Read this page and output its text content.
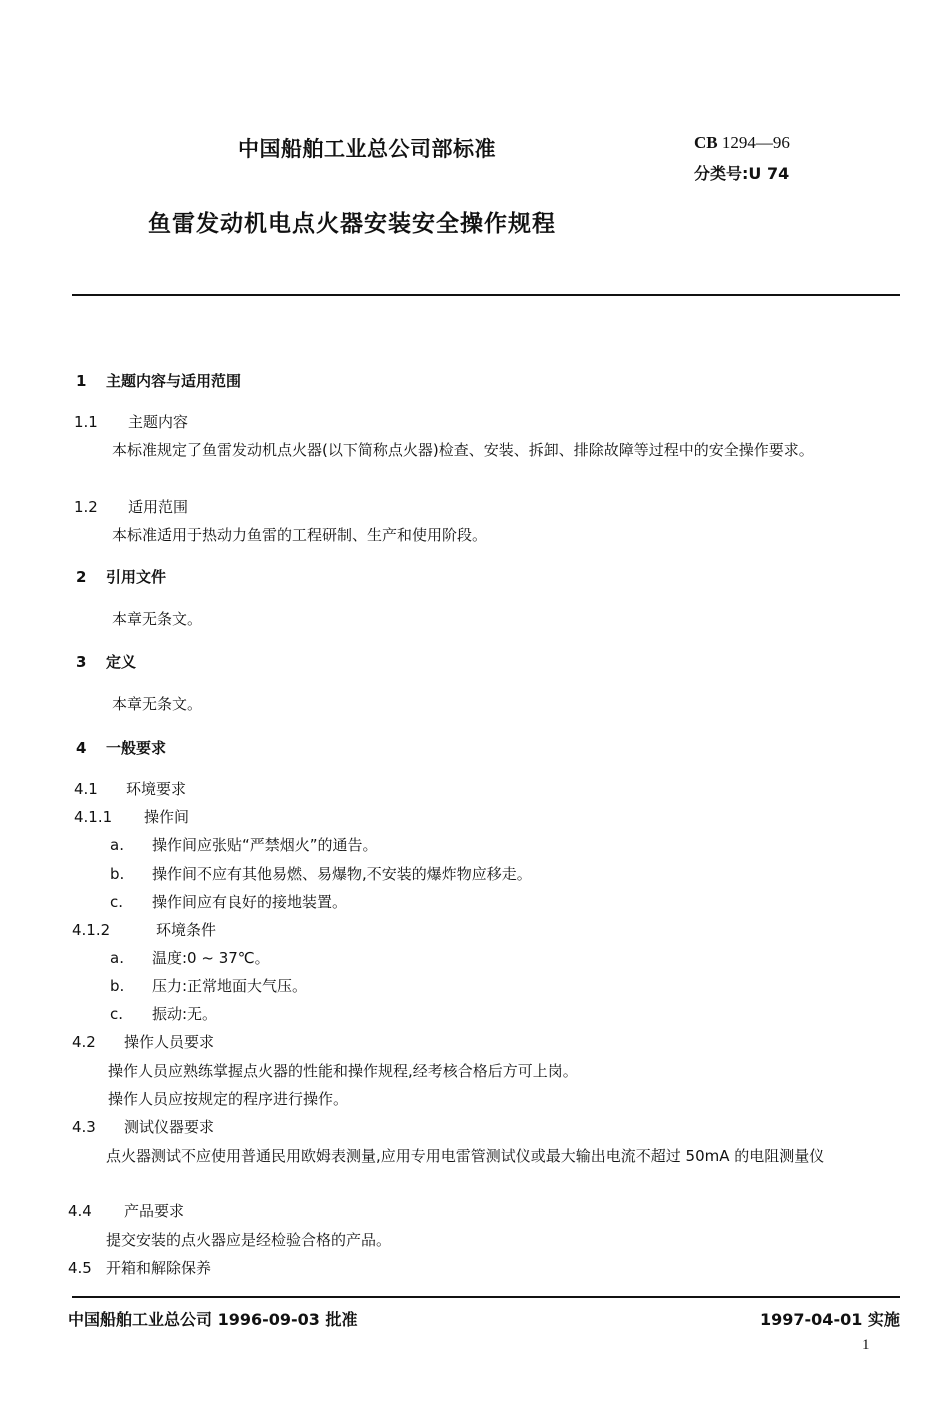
中国船舶工业总公司部标准	CB 1294—96
分类号:U 74
鱼雷发动机电点火器安装安全操作规程
1 主题内容与适用范围
1.1 主题内容
本标准规定了鱼雷发动机点火器(以下简称点火器)检查、安装、拆卸、排除故障等过程中的安全操作要求。
1.2 适用范围
本标准适用于热动力鱼雷的工程研制、生产和使用阶段。
2 引用文件
本章无条文。
3 定义
本章无条文。
4 一般要求
4.1 环境要求
4.1.1 操作间
a. 操作间应张贴“严禁烟火”的通告。
b. 操作间不应有其他易燃、易爆物,不安装的爆炸物应移走。
c. 操作间应有良好的接地装置。
4.1.2	环境条件
a. 温度:0 ~ 37℃。
b. 压力:正常地面大气压。
c. 振动:无。
4.2 操作人员要求
操作人员应熟练掌握点火器的性能和操作规程,经考核合格后方可上岗。
操作人员应按规定的程序进行操作。
4.3 测试仪器要求
点火器测试不应使用普通民用欧姆表测量,应用专用电雷管测试仪或最大输出电流不超过 50mA 的电阻测量仪
4.4 产品要求
提交安装的点火器应是经检验合格的产品。
4.5 开箱和解除保养
中国船舶工业总公司 1996-09-03 批准	1997-04-01 实施
1
